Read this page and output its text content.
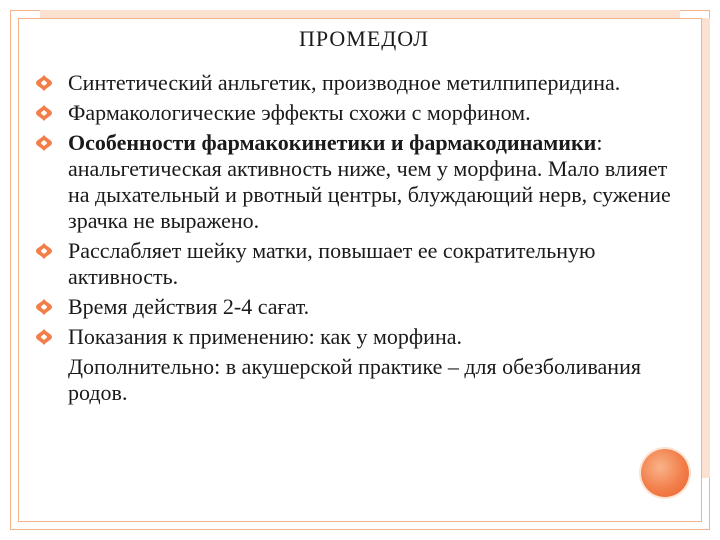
ПРОМЕДОЛ
Синтетический анльгетик, производное метилпиперидина.
Фармакологические эффекты схожи с морфином.
Особенности фармакокинетики и фармакодинамики: анальгетическая активность ниже, чем у морфина. Мало влияет на дыхательный и рвотный центры, блуждающий нерв, сужение зрачка не выражено.
Расслабляет шейку матки, повышает ее сократительную активность.
Время действия 2-4 сағат.
Показания к применению: как у морфина.
Дополнительно: в акушерской практике – для обезболивания родов.
